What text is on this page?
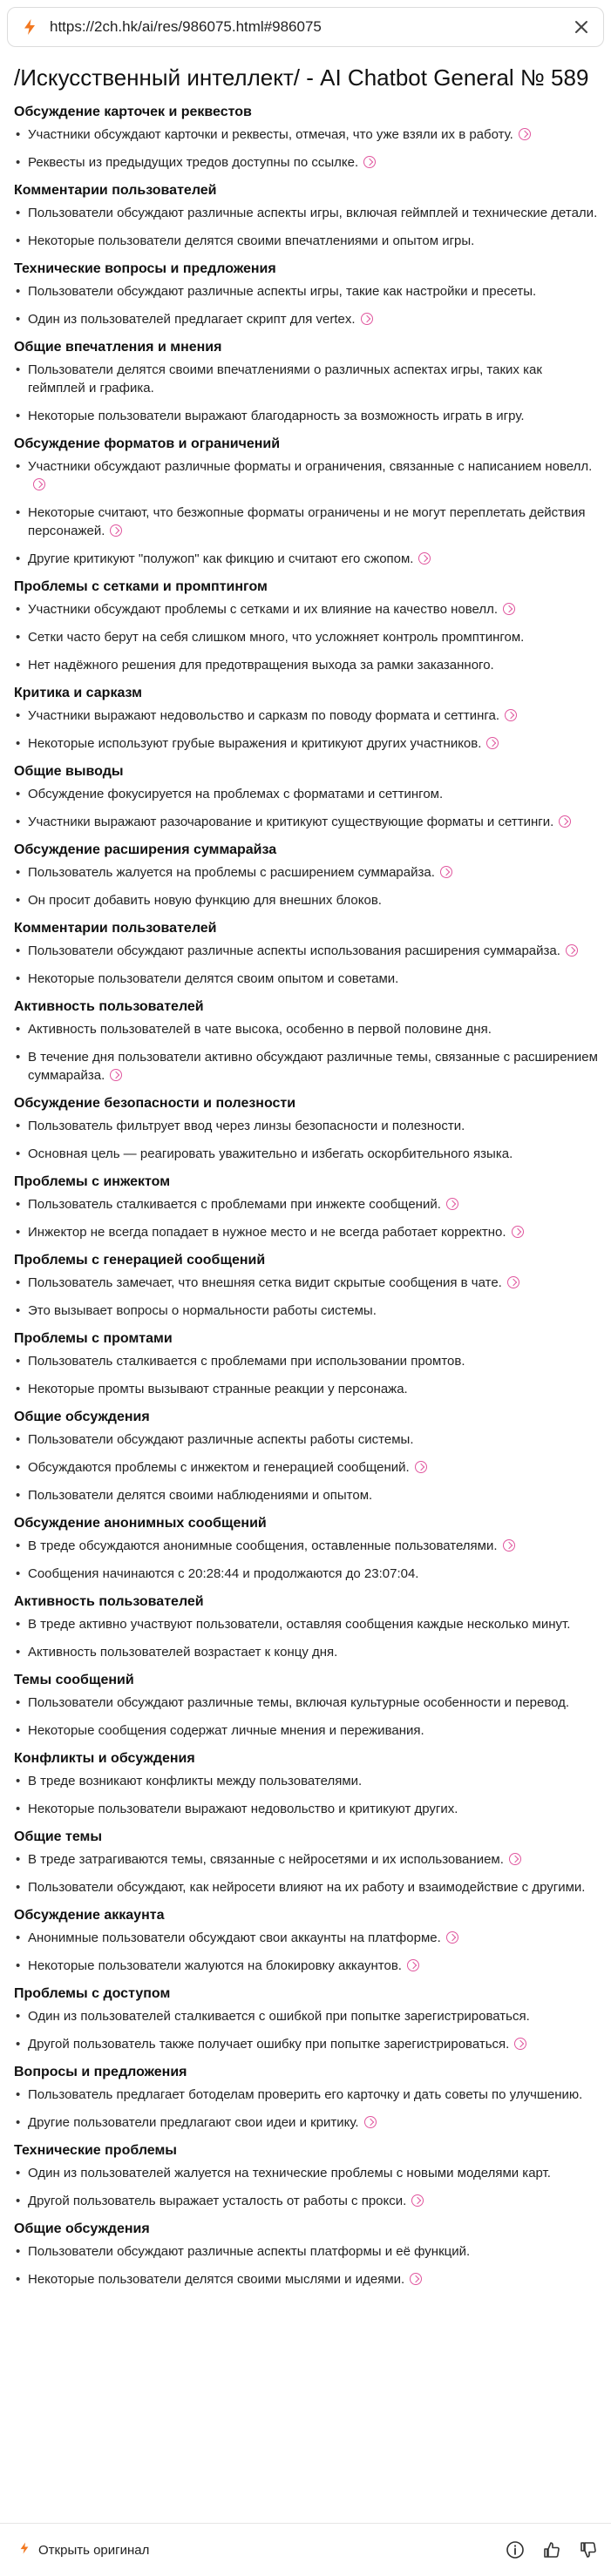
https://2ch.hk/ai/res/986075.html#986075
/Искусственный интеллект/ - AI Chatbot General № 589
Обсуждение карточек и реквестов
• Участники обсуждают карточки и реквесты, отмечая, что уже взяли их в работу.
• Реквесты из предыдущих тредов доступны по ссылке.
Комментарии пользователей
• Пользователи обсуждают различные аспекты игры, включая геймплей и технические детали.
• Некоторые пользователи делятся своими впечатлениями и опытом игры.
Технические вопросы и предложения
• Пользователи обсуждают различные аспекты игры, такие как настройки и пресеты.
• Один из пользователей предлагает скрипт для vertex.
Общие впечатления и мнения
• Пользователи делятся своими впечатлениями о различных аспектах игры, таких как геймплей и графика.
• Некоторые пользователи выражают благодарность за возможность играть в игру.
Обсуждение форматов и ограничений
• Участники обсуждают различные форматы и ограничения, связанные с написанием новелл.
• Некоторые считают, что безжопные форматы ограничены и не могут переплетать действия персонажей.
• Другие критикуют "полужоп" как фикцию и считают его сжопом.
Проблемы с сетками и промптингом
• Участники обсуждают проблемы с сетками и их влияние на качество новелл.
• Сетки часто берут на себя слишком много, что усложняет контроль промптингом.
• Нет надёжного решения для предотвращения выхода за рамки заказанного.
Критика и сарказм
• Участники выражают недовольство и сарказм по поводу формата и сеттинга.
• Некоторые используют грубые выражения и критикуют других участников.
Общие выводы
• Обсуждение фокусируется на проблемах с форматами и сеттингом.
• Участники выражают разочарование и критикуют существующие форматы и сеттинги.
Обсуждение расширения суммарайза
• Пользователь жалуется на проблемы с расширением суммарайза.
• Он просит добавить новую функцию для внешних блоков.
Комментарии пользователей
• Пользователи обсуждают различные аспекты использования расширения суммарайза.
• Некоторые пользователи делятся своим опытом и советами.
Активность пользователей
• Активность пользователей в чате высока, особенно в первой половине дня.
• В течение дня пользователи активно обсуждают различные темы, связанные с расширением суммарайза.
Обсуждение безопасности и полезности
• Пользователь фильтрует ввод через линзы безопасности и полезности.
• Основная цель — реагировать уважительно и избегать оскорбительного языка.
Проблемы с инжектом
• Пользователь сталкивается с проблемами при инжекте сообщений.
• Инжектор не всегда попадает в нужное место и не всегда работает корректно.
Проблемы с генерацией сообщений
• Пользователь замечает, что внешняя сетка видит скрытые сообщения в чате.
• Это вызывает вопросы о нормальности работы системы.
Проблемы с промтами
• Пользователь сталкивается с проблемами при использовании промтов.
• Некоторые промты вызывают странные реакции у персонажа.
Общие обсуждения
• Пользователи обсуждают различные аспекты работы системы.
• Обсуждаются проблемы с инжектом и генерацией сообщений.
• Пользователи делятся своими наблюдениями и опытом.
Обсуждение анонимных сообщений
• В треде обсуждаются анонимные сообщения, оставленные пользователями.
• Сообщения начинаются с 20:28:44 и продолжаются до 23:07:04.
Активность пользователей
• В треде активно участвуют пользователи, оставляя сообщения каждые несколько минут.
• Активность пользователей возрастает к концу дня.
Темы сообщений
• Пользователи обсуждают различные темы, включая культурные особенности и перевод.
• Некоторые сообщения содержат личные мнения и переживания.
Конфликты и обсуждения
• В треде возникают конфликты между пользователями.
• Некоторые пользователи выражают недовольство и критикуют других.
Общие темы
• В треде затрагиваются темы, связанные с нейросетями и их использованием.
• Пользователи обсуждают, как нейросети влияют на их работу и взаимодействие с другими.
Обсуждение аккаунта
• Анонимные пользователи обсуждают свои аккаунты на платформе.
• Некоторые пользователи жалуются на блокировку аккаунтов.
Проблемы с доступом
• Один из пользователей сталкивается с ошибкой при попытке зарегистрироваться.
• Другой пользователь также получает ошибку при попытке зарегистрироваться.
Вопросы и предложения
• Пользователь предлагает ботоделам проверить его карточку и дать советы по улучшению.
• Другие пользователи предлагают свои идеи и критику.
Технические проблемы
• Один из пользователей жалуется на технические проблемы с новыми моделями карт.
• Другой пользователь выражает усталость от работы с прокси.
Общие обсуждения
• Пользователи обсуждают различные аспекты платформы и её функций.
• Некоторые пользователи делятся своими мыслями и идеями.
Открыть оригинал
